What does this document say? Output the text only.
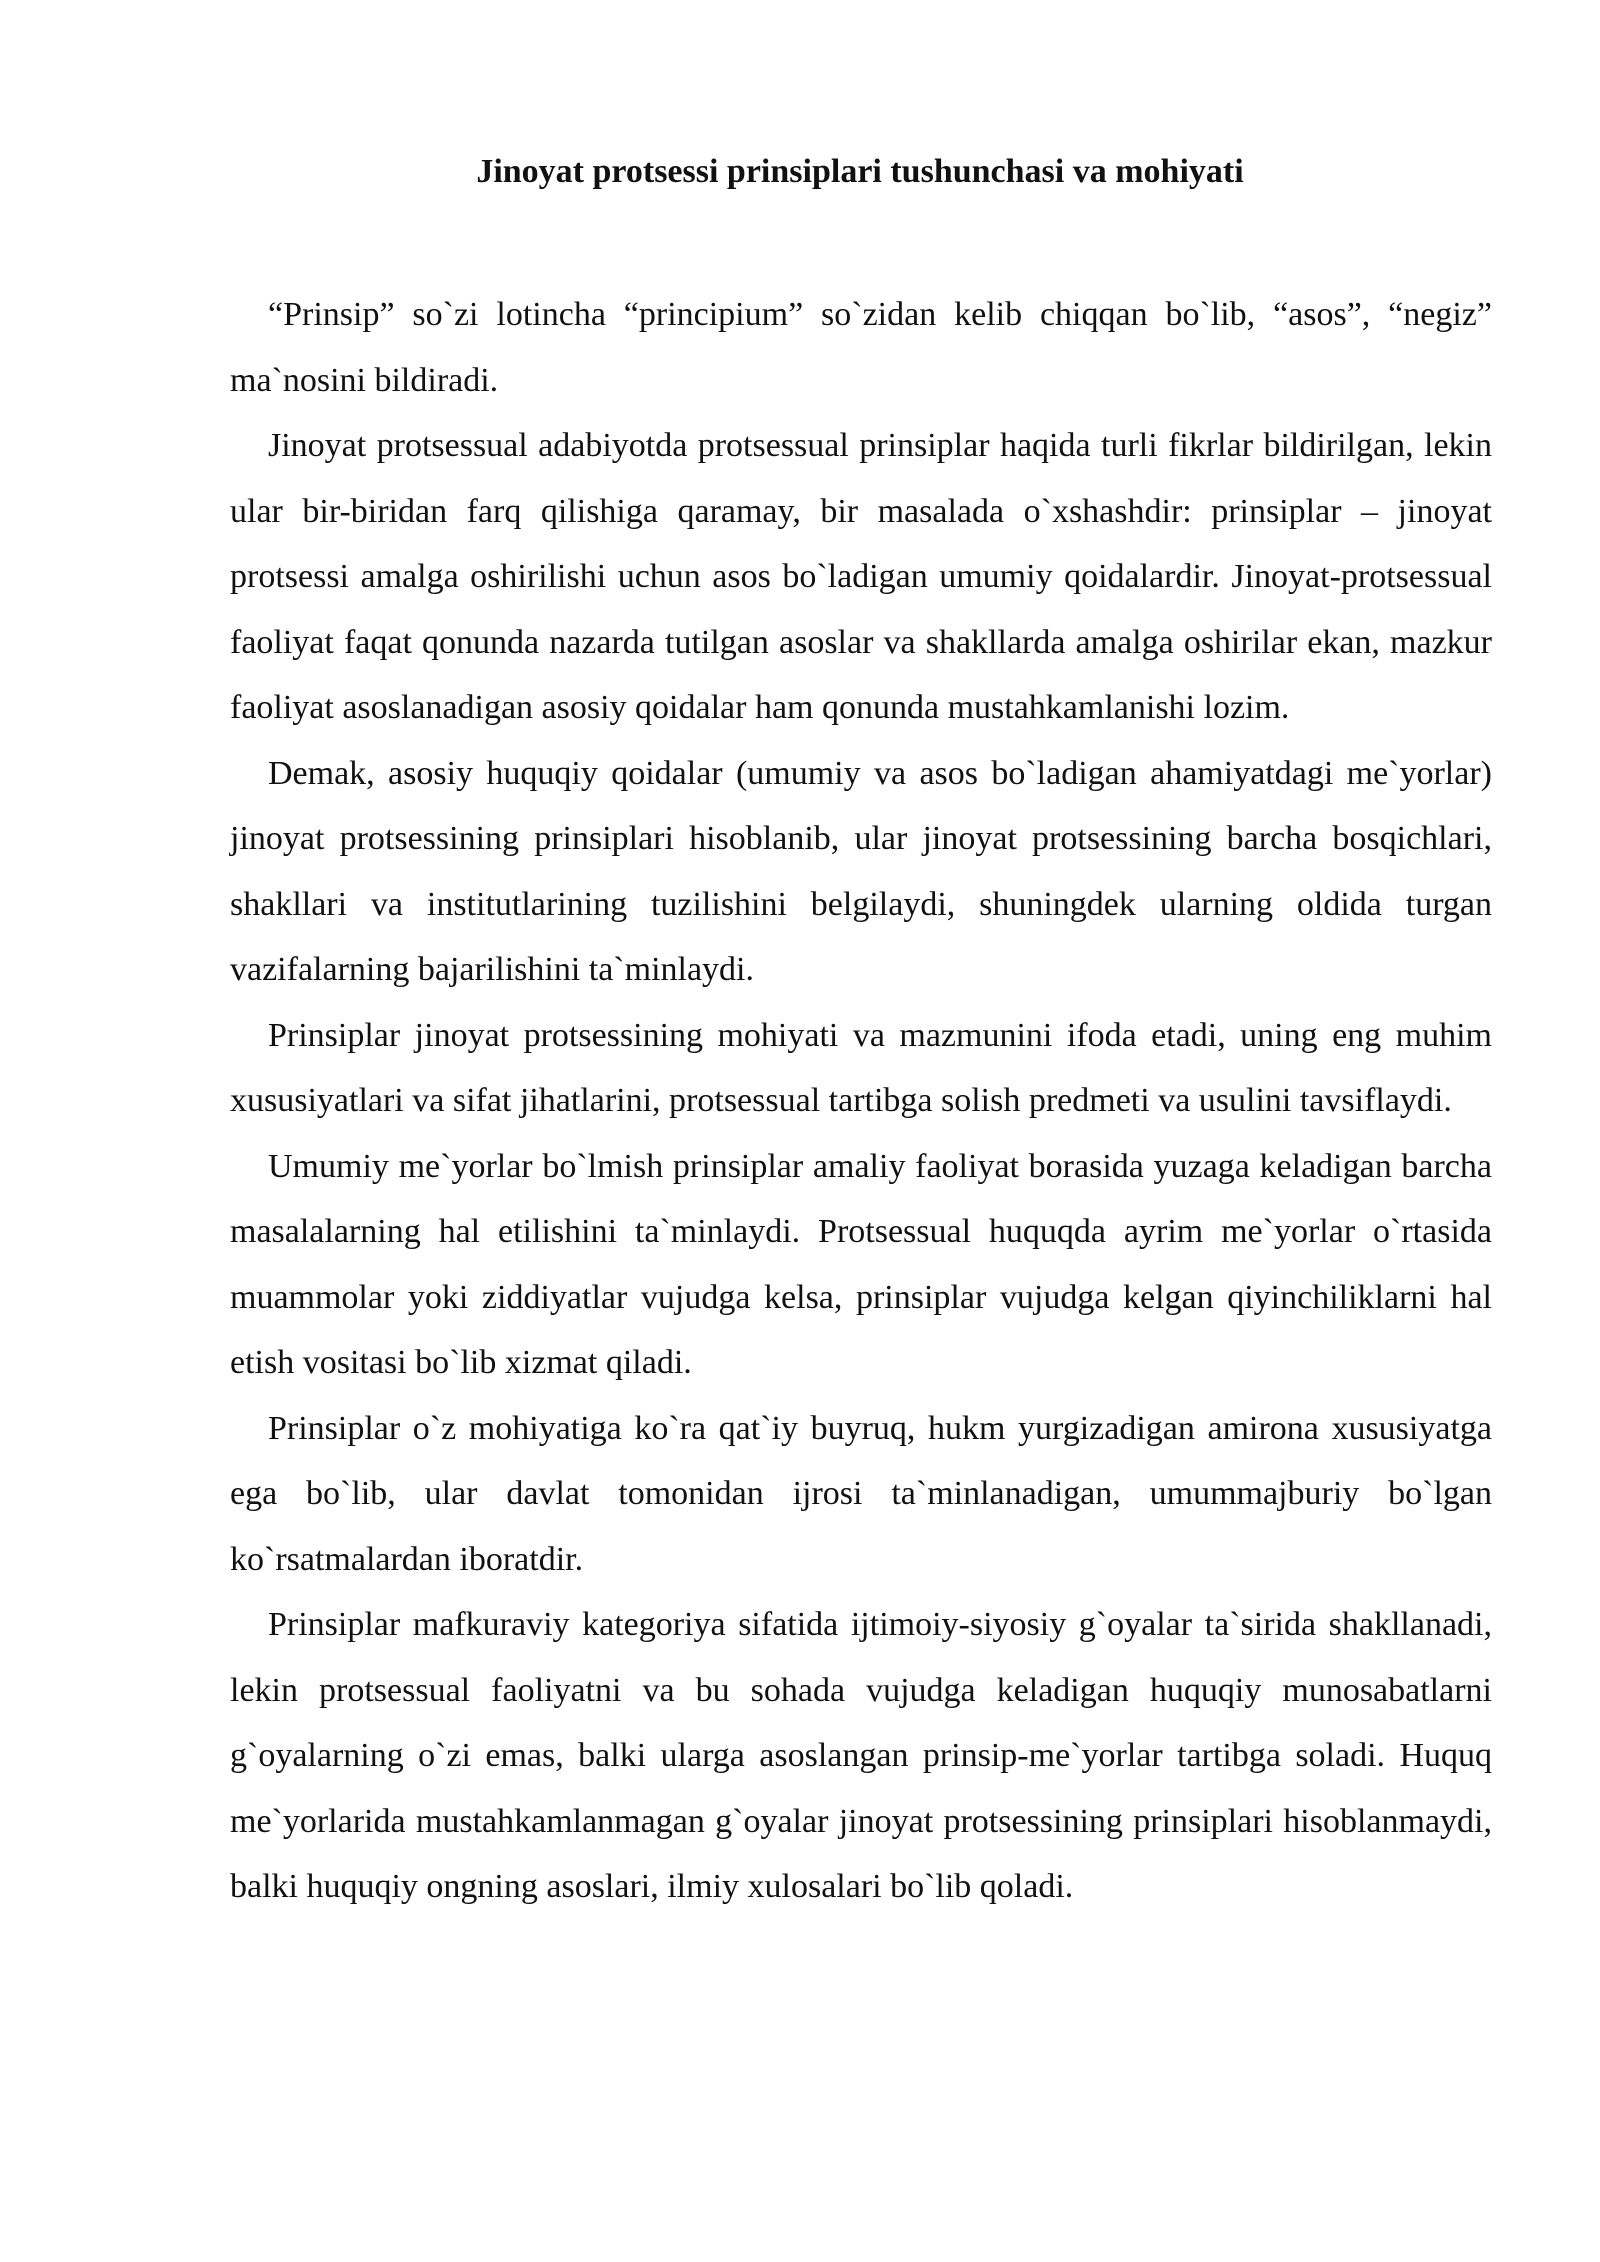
Jinoyat protsessi prinsiplari tushunchasi va mohiyati

“Prinsip” so`zi lotincha “principium” so`zidan kelib chiqqan bo`lib, “asos”, “negiz” ma`nosini bildiradi.

Jinoyat protsessual adabiyotda protsessual prinsiplar haqida turli fikrlar bildirilgan, lekin ular bir-biridan farq qilishiga qaramay, bir masalada o`xshashdir: prinsiplar – jinoyat protsessi amalga oshirilishi uchun asos bo`ladigan umumiy qoidalardir. Jinoyat-protsessual faoliyat faqat qonunda nazarda tutilgan asoslar va shakllarda amalga oshirilar ekan, mazkur faoliyat asoslanadigan asosiy qoidalar ham qonunda mustahkamlanishi lozim.

Demak, asosiy huquqiy qoidalar (umumiy va asos bo`ladigan ahamiyatdagi me`yorlar) jinoyat protsessining prinsiplari hisoblanib, ular jinoyat protsessining barcha bosqichlari, shakllari va institutlarining tuzilishini belgilaydi, shuningdek ularning oldida turgan vazifalarning bajarilishini ta`minlaydi.

Prinsiplar jinoyat protsessining mohiyati va mazmunini ifoda etadi, uning eng muhim xususiyatlari va sifat jihatlarini, protsessual tartibga solish predmeti va usulini tavsiflaydi.

Umumiy me`yorlar bo`lmish prinsiplar amaliy faoliyat borasida yuzaga keladigan barcha masalalarning hal etilishini ta`minlaydi. Protsessual huquqda ayrim me`yorlar o`rtasida muammolar yoki ziddiyatlar vujudga kelsa, prinsiplar vujudga kelgan qiyinchiliklarni hal etish vositasi bo`lib xizmat qiladi.

Prinsiplar o`z mohiyatiga ko`ra qat`iy buyruq, hukm yurgizadigan amirona xususiyatga ega bo`lib, ular davlat tomonidan ijrosi ta`minlanadigan, umummajburiy bo`lgan ko`rsatmalardan iboratdir.

Prinsiplar mafkuraviy kategoriya sifatida ijtimoiy-siyosiy g`oyalar ta`sirida shakllanadi, lekin protsessual faoliyatni va bu sohada vujudga keladigan huquqiy munosabatlarni g`oyalarning o`zi emas, balki ularga asoslangan prinsip-me`yorlar tartibga soladi. Huquq me`yorlarida mustahkamlanmagan g`oyalar jinoyat protsessining prinsiplari hisoblanmaydi, balki huquqiy ongning asoslari, ilmiy xulosalari bo`lib qoladi.
